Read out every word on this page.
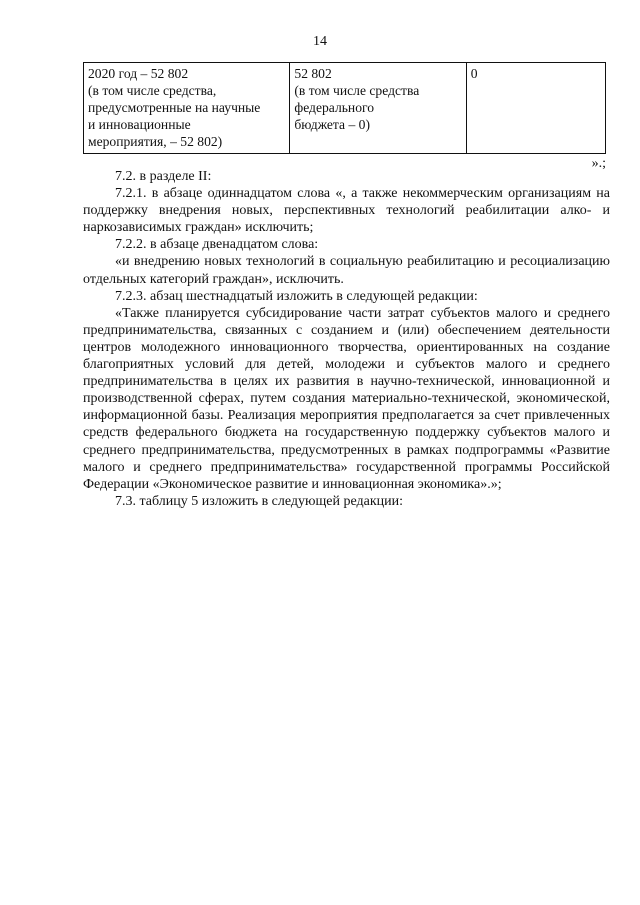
14
2020 год – 52 802
(в том числе средства,
предусмотренные на научные
и инновационные
мероприятия, – 52 802)

52 802
(в том числе средства
федерального
бюджета – 0)

0
».;

7.2. в разделе II:

7.2.1. в абзаце одиннадцатом слова «, а также некоммерческим организациям на поддержку внедрения новых, перспективных технологий реабилитации алко- и наркозависимых граждан» исключить;

7.2.2. в абзаце двенадцатом слова:

«и внедрению новых технологий в социальную реабилитацию и ресоциализацию отдельных категорий граждан», исключить.

7.2.3. абзац шестнадцатый изложить в следующей редакции:

«Также планируется субсидирование части затрат субъектов малого и среднего предпринимательства, связанных с созданием и (или) обеспечением деятельности центров молодежного инновационного творчества, ориентированных на создание благоприятных условий для детей, молодежи и субъектов малого и среднего предпринимательства в целях их развития в научно-технической, инновационной и производственной сферах, путем создания материально-технической, экономической, информационной базы. Реализация мероприятия предполагается за счет привлеченных средств федерального бюджета на государственную поддержку субъектов малого и среднего предпринимательства, предусмотренных в рамках подпрограммы «Развитие малого и среднего предпринимательства» государственной программы Российской Федерации «Экономическое развитие и инновационная экономика».»;

7.3. таблицу 5 изложить в следующей редакции:
